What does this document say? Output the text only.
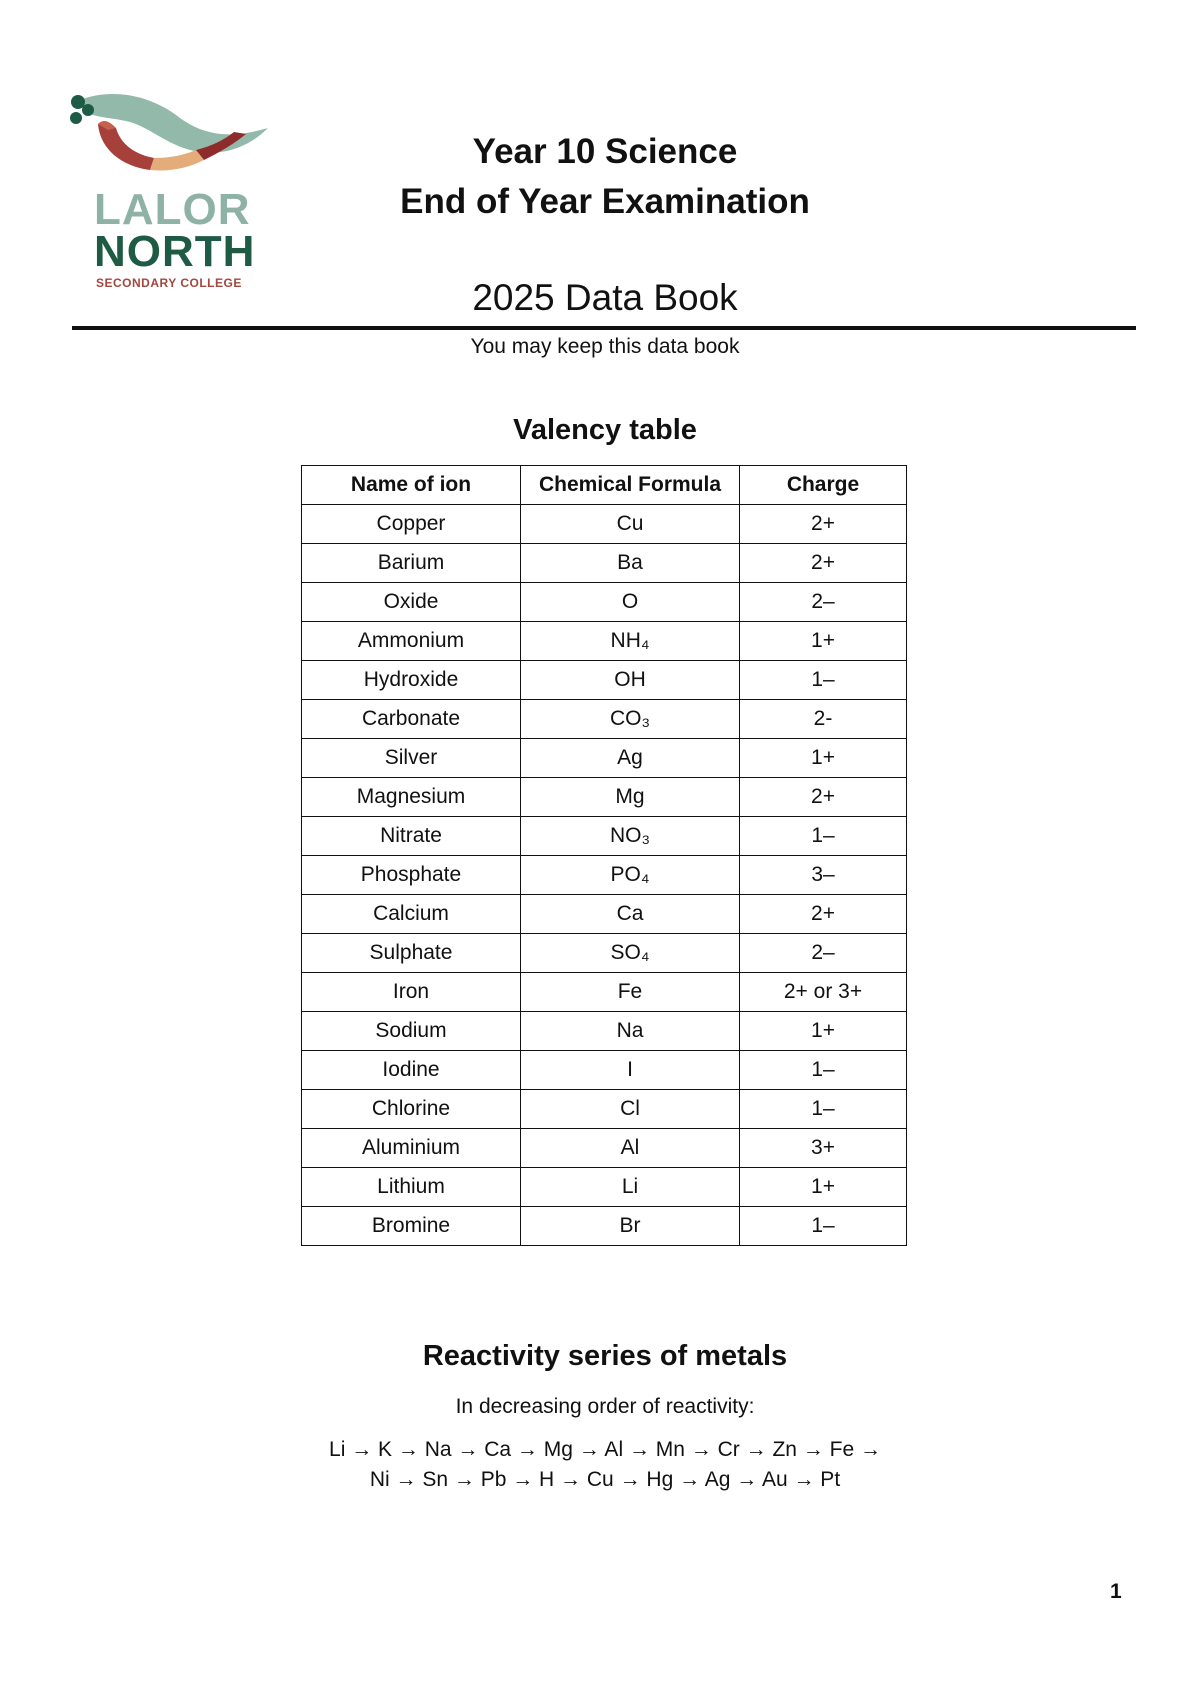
LALOR
NORTH
SECONDARY COLLEGE
Year 10 Science
End of Year Examination
2025 Data Book
You may keep this data book
Valency table
Name of ion	Chemical Formula	Charge
Copper	Cu	2+
Barium	Ba	2+
Oxide	O	2–
Ammonium	NH₄	1+
Hydroxide	OH	1–
Carbonate	CO₃	2-
Silver	Ag	1+
Magnesium	Mg	2+
Nitrate	NO₃	1–
Phosphate	PO₄	3–
Calcium	Ca	2+
Sulphate	SO₄	2–
Iron	Fe	2+ or 3+
Sodium	Na	1+
Iodine	I	1–
Chlorine	Cl	1–
Aluminium	Al	3+
Lithium	Li	1+
Bromine	Br	1–
Reactivity series of metals
In decreasing order of reactivity:
Li → K → Na → Ca → Mg → Al → Mn → Cr → Zn → Fe →
Ni → Sn → Pb → H → Cu → Hg → Ag → Au → Pt
1
